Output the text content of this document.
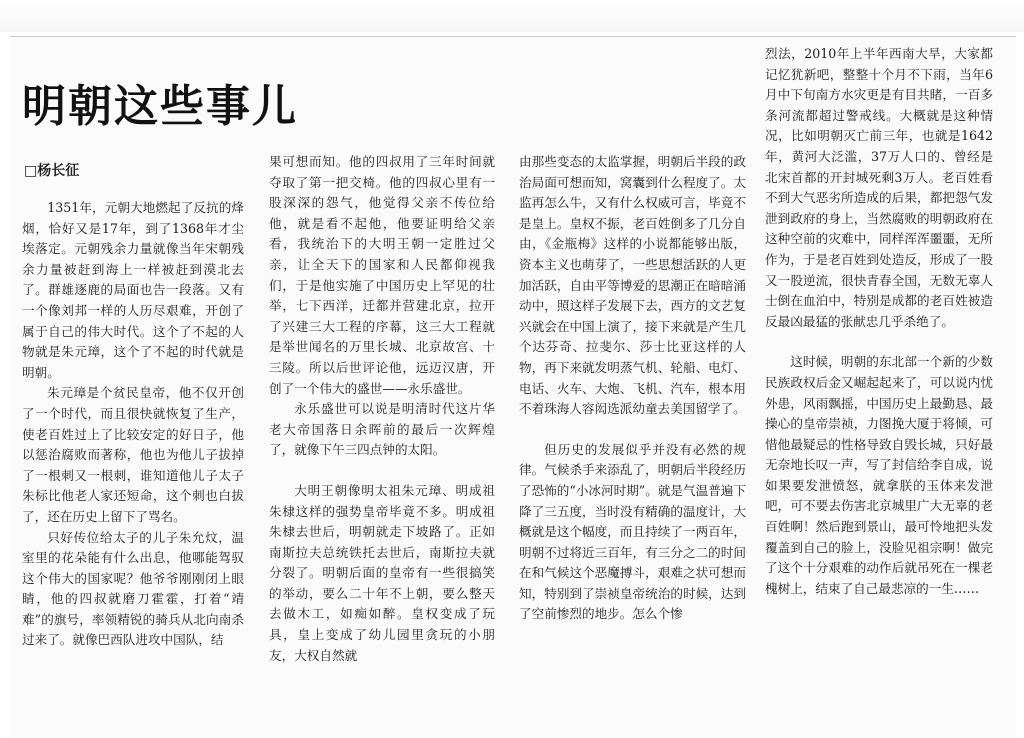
明朝这些事儿
□杨长征

1351年，元朝大地燃起了反抗的烽烟，恰好又是17年，到了1368年才尘埃落定。元朝残余力量就像当年宋朝残余力量被赶到海上一样被赶到漠北去了。群雄逐鹿的局面也告一段落。又有一个像刘邦一样的人历尽艰难，开创了属于自己的伟大时代。这个了不起的人物就是朱元璋，这个了不起的时代就是明朝。

朱元璋是个贫民皇帝，他不仅开创了一个时代，而且很快就恢复了生产，使老百姓过上了比较安定的好日子，他以惩治腐败而著称，他也为他儿子拔掉了一根刺又一根刺，谁知道他儿子太子朱标比他老人家还短命，这个刺也白拔了，还在历史上留下了骂名。

只好传位给太子的儿子朱允炆，温室里的花朵能有什么出息，他哪能驾驭这个伟大的国家呢？他爷爷刚刚闭上眼睛，他的四叔就磨刀霍霍，打着“靖难”的旗号，率领精锐的骑兵从北向南杀过来了。就像巴西队进攻中国队，结

果可想而知。他的四叔用了三年时间就夺取了第一把交椅。他的四叔心里有一股深深的怨气，他觉得父亲不传位给他，就是看不起他，他要证明给父亲看，我统治下的大明王朝一定胜过父亲，让全天下的国家和人民都仰视我们，于是他实施了中国历史上罕见的壮举，七下西洋，迁都并营建北京，拉开了兴建三大工程的序幕，这三大工程就是举世闻名的万里长城、北京故宫、十三陵。所以后世评论他，远迈汉唐，开创了一个伟大的盛世——永乐盛世。

永乐盛世可以说是明清时代这片华老大帝国落日余晖前的最后一次辉煌了，就像下午三四点钟的太阳。

大明王朝像明太祖朱元璋、明成祖朱棣这样的强势皇帝毕竟不多。明成祖朱棣去世后，明朝就走下坡路了。正如南斯拉夫总统铁托去世后，南斯拉夫就分裂了。明朝后面的皇帝有一些很搞笑的举动，要么二十年不上朝，要么整天去做木工，如痴如醉。皇权变成了玩具，皇上变成了幼儿园里贪玩的小朋友，大权自然就

由那些变态的太监掌握，明朝后半段的政治局面可想而知，窝囊到什么程度了。太监再怎么牛，又有什么权威可言，毕竟不是皇上。皇权不振，老百姓倒多了几分自由，《金瓶梅》这样的小说都能够出版，资本主义也萌芽了，一些思想活跃的人更加活跃，自由平等博爱的思潮正在暗暗涌动中，照这样子发展下去，西方的文艺复兴就会在中国上演了，接下来就是产生几个达芬奇、拉斐尔、莎士比亚这样的人物，再下来就发明蒸气机、轮船、电灯、电话、火车、大炮、飞机、汽车，根本用不着珠海人容闳选派幼童去美国留学了。

但历史的发展似乎并没有必然的规律。气候杀手来添乱了，明朝后半段经历了恐怖的“小冰河时期”。就是气温普遍下降了三五度，当时没有精确的温度计，大概就是这个幅度，而且持续了一两百年，明朝不过将近三百年，有三分之二的时间在和气候这个恶魔搏斗，艰难之状可想而知，特别到了崇祯皇帝统治的时候，达到了空前惨烈的地步。怎么个惨

烈法，2010年上半年西南大旱，大家都记忆犹新吧，整整十个月不下雨，当年6月中下旬南方水灾更是有目共睹，一百多条河流都超过警戒线。大概就是这种情况，比如明朝灭亡前三年，也就是1642年，黄河大泛滥，37万人口的、曾经是北宋首都的开封城死剩3万人。老百姓看不到大气恶劣所造成的后果，都把怨气发泄到政府的身上，当然腐败的明朝政府在这种空前的灾难中，同样浑浑噩噩，无所作为，于是老百姓到处造反，形成了一股又一股逆流，很快青春全国，无数无辜人士倒在血泊中，特别是成都的老百姓被造反最凶最猛的张献忠几乎杀绝了。

这时候，明朝的东北部一个新的少数民族政权后金又崛起起来了，可以说内忧外患，风雨飘摇，中国历史上最勤恳、最操心的皇帝崇祯，力图挽大厦于将倾，可惜他最疑忌的性格导致自毁长城，只好最无奈地长叹一声，写了封信给李自成，说如果要发泄愤怒，就拿朕的玉体来发泄吧，可不要去伤害北京城里广大无辜的老百姓啊！然后跑到景山，最可怜地把头发覆盖到自己的脸上，没脸见祖宗啊！做完了这个十分艰难的动作后就吊死在一棵老槐树上，结束了自己最悲凉的一生……
